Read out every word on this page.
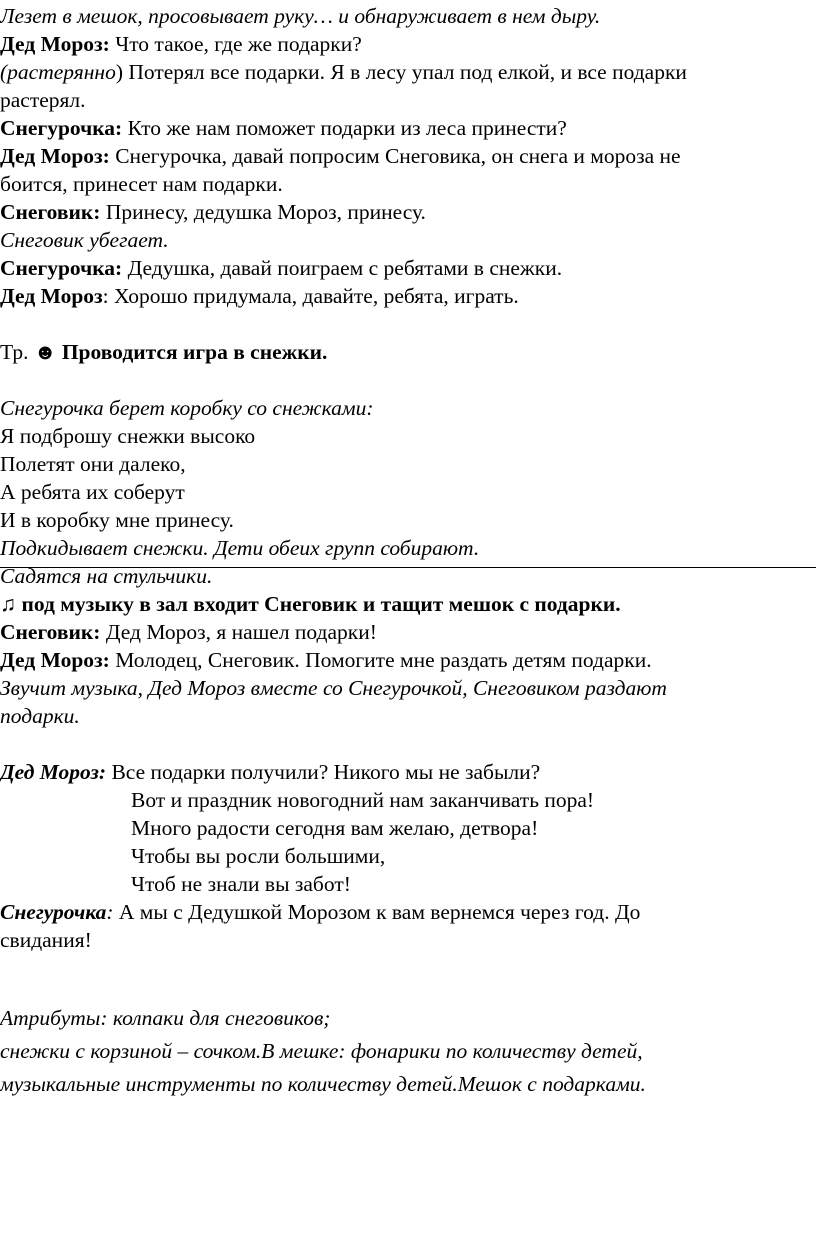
Лезет в мешок, просовывает руку… и обнаруживает в нем дыру.
Дед Мороз: Что такое, где же подарки?
(растерянно) Потерял все подарки. Я в лесу упал под елкой, и все подарки
растерял.
Снегурочка: Кто же нам поможет подарки из леса принести?
Дед Мороз: Снегурочка, давай попросим Снеговика, он снега и мороза не
боится, принесет нам подарки.
Снеговик: Принесу, дедушка Мороз, принесу.
Снеговик убегает.
Снегурочка: Дедушка, давай поиграем с ребятами в снежки.
Дед Мороз: Хорошо придумала, давайте, ребята, играть.
Тр. ☻ Проводится игра в снежки.
Снегурочка берет коробку со снежками:
Я подброшу снежки высоко
Полетят они далеко,
А ребята их соберут
И в коробку мне принесу.
Подкидывает снежки. Дети обеих групп собирают.
Садятся на стульчики.
♫ под музыку в зал входит Снеговик и тащит мешок с подарки.
Снеговик: Дед Мороз, я нашел подарки!
Дед Мороз: Молодец, Снеговик. Помогите мне раздать детям подарки.
Звучит музыка, Дед Мороз вместе со Снегурочкой, Снеговиком раздают
подарки.
Дед Мороз: Все подарки получили? Никого мы не забыли?
Вот и праздник новогодний нам заканчивать пора!
Много радости сегодня вам желаю, детвора!
Чтобы вы росли большими,
Чтоб не знали вы забот!
Снегурочка: А мы с Дедушкой Морозом к вам вернемся через год. До
свидания!
Атрибуты: колпаки для снеговиков;
снежки с корзиной – сочком.В мешке: фонарики по количеству детей,
музыкальные инструменты по количеству детей.Мешок с подарками.
